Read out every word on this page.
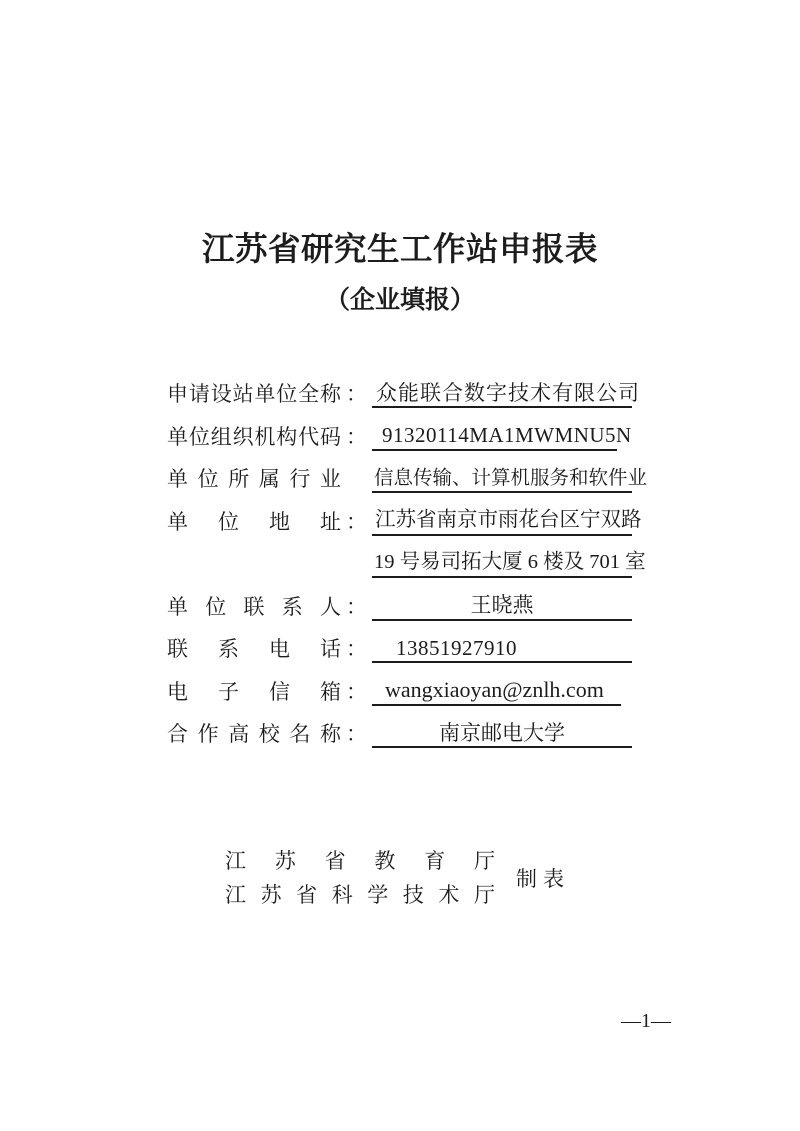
江苏省研究生工作站申报表
（企业填报）
申请设站单位全称 ： 众能联合数字技术有限公司
单位组织机构代码 ： 91320114MA1MWMNU5N
单位所属行业 信息传输、计算机服务和软件业
单位地址 ： 江苏省南京市雨花台区宁双路
19 号易司拓大厦 6 楼及 701 室
单位联系人 ：	王晓燕
联系电话 ：	13851927910
电子信箱 ： wangxiaoyan@znlh.com
合作高校名称 ：	南京邮电大学
江苏省教育厅
江苏省科学技术厅
制表
—1—
